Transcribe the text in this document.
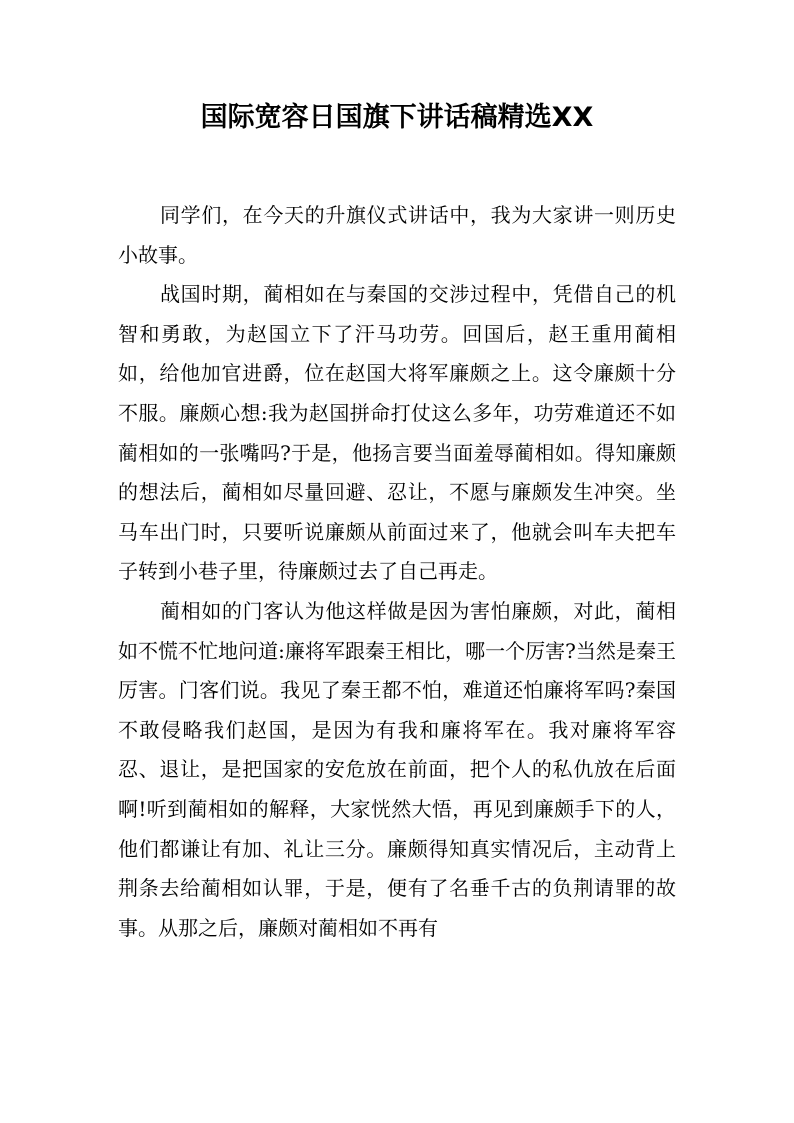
国际宽容日国旗下讲话稿精选XX

同学们，在今天的升旗仪式讲话中，我为大家讲一则历史小故事。

战国时期，蔺相如在与秦国的交涉过程中，凭借自己的机智和勇敢，为赵国立下了汗马功劳。回国后，赵王重用蔺相如，给他加官进爵，位在赵国大将军廉颇之上。这令廉颇十分不服。廉颇心想:我为赵国拼命打仗这么多年，功劳难道还不如蔺相如的一张嘴吗?于是，他扬言要当面羞辱蔺相如。得知廉颇的想法后，蔺相如尽量回避、忍让，不愿与廉颇发生冲突。坐马车出门时，只要听说廉颇从前面过来了，他就会叫车夫把车子转到小巷子里，待廉颇过去了自己再走。

蔺相如的门客认为他这样做是因为害怕廉颇，对此，蔺相如不慌不忙地问道:廉将军跟秦王相比，哪一个厉害?当然是秦王厉害。门客们说。我见了秦王都不怕，难道还怕廉将军吗?秦国不敢侵略我们赵国，是因为有我和廉将军在。我对廉将军容忍、退让，是把国家的安危放在前面，把个人的私仇放在后面啊!听到蔺相如的解释，大家恍然大悟，再见到廉颇手下的人，他们都谦让有加、礼让三分。廉颇得知真实情况后，主动背上荆条去给蔺相如认罪，于是，便有了名垂千古的负荆请罪的故事。从那之后，廉颇对蔺相如不再有
